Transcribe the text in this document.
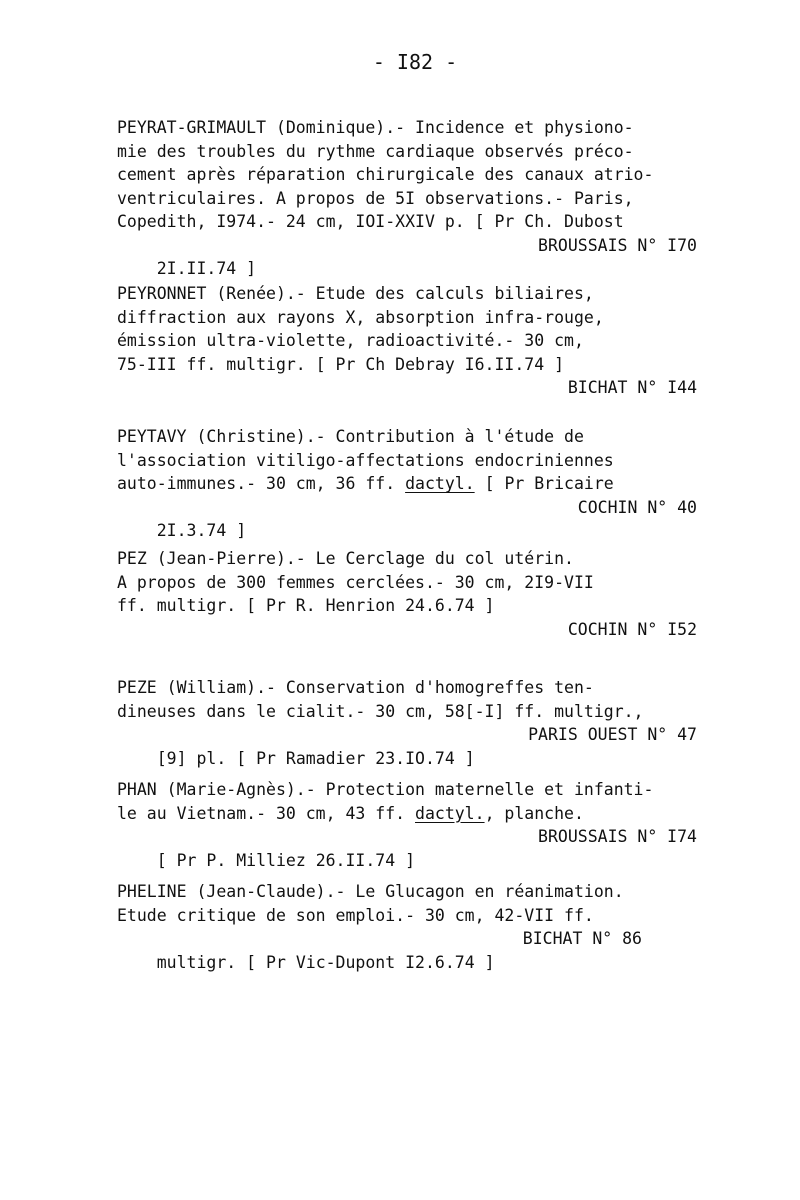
- I82 -
PEYRAT-GRIMAULT (Dominique).- Incidence et physiono-
mie des troubles du rythme cardiaque observés préco-
cement après réparation chirurgicale des canaux atrio-
ventriculaires. A propos de 5I observations.- Paris,
Copedith, I974.- 24 cm, IOI-XXIV p. [ Pr Ch. Dubost

2I.II.74 ]

BROUSSAIS N° I70

PEYRONNET (Renée).- Etude des calculs biliaires,
diffraction aux rayons X, absorption infra-rouge,
émission ultra-violette, radioactivité.- 30 cm,
75-III ff. multigr. [ Pr Ch Debray I6.II.74 ]

BICHAT N° I44

PEYTAVY (Christine).- Contribution à l'étude de
l'association vitiligo-affectations endocriniennes
auto-immunes.- 30 cm, 36 ff. dactyl. [ Pr Bricaire

2I.3.74 ]

COCHIN N° 40

PEZ (Jean-Pierre).- Le Cerclage du col utérin.
A propos de 300 femmes cerclées.- 30 cm, 2I9-VII
ff. multigr. [ Pr R. Henrion 24.6.74 ]

COCHIN N° I52

PEZE (William).- Conservation d'homogreffes ten-
dineuses dans le cialit.- 30 cm, 58[-I] ff. multigr.,

[9] pl. [ Pr Ramadier 23.IO.74 ]

PARIS OUEST N° 47

PHAN (Marie-Agnès).- Protection maternelle et infanti-
le au Vietnam.- 30 cm, 43 ff. dactyl., planche.

[ Pr P. Milliez 26.II.74 ]

BROUSSAIS N° I74

PHELINE (Jean-Claude).- Le Glucagon en réanimation.
Etude critique de son emploi.- 30 cm, 42-VII ff.

multigr. [ Pr Vic-Dupont I2.6.74 ]

BICHAT N° 86
